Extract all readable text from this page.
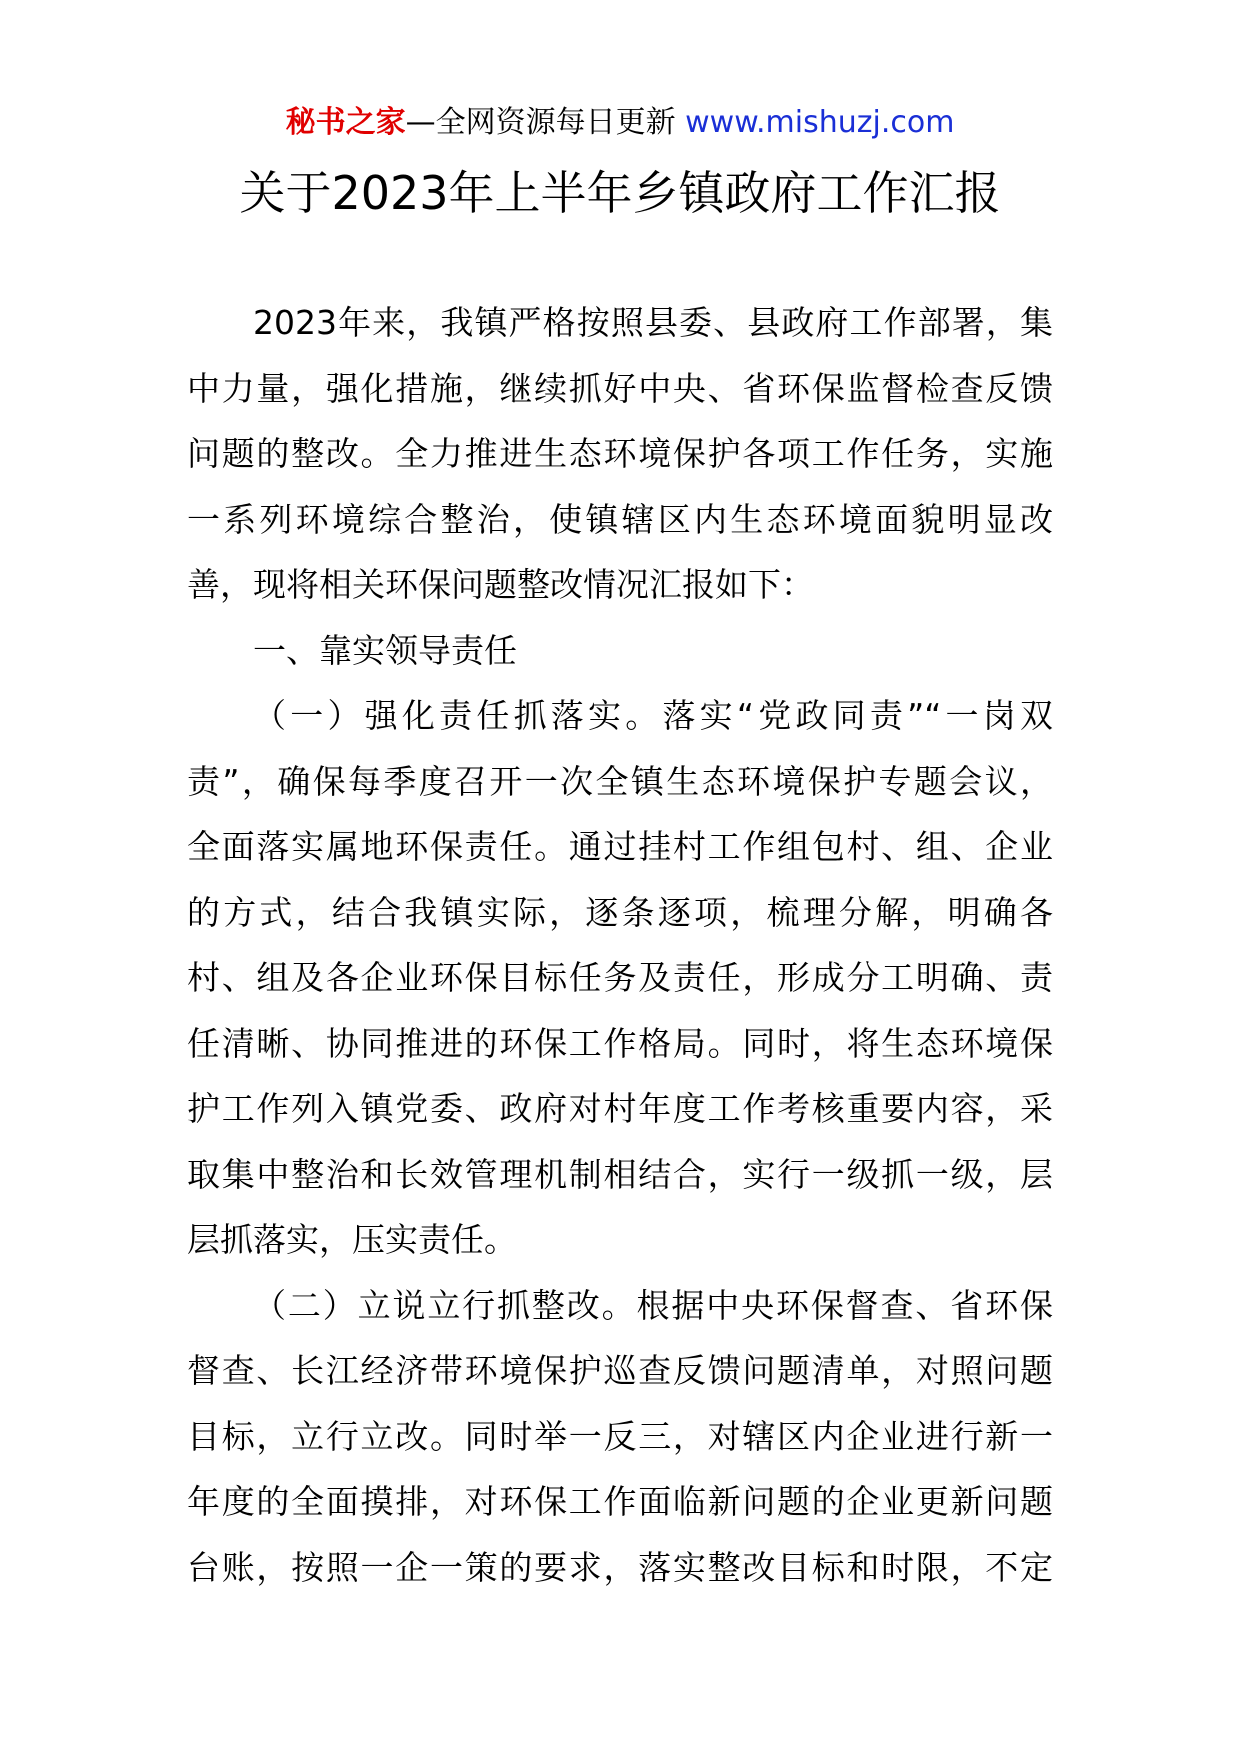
秘书之家—全网资源每日更新 www.mishuzj.com
关于2023年上半年乡镇政府工作汇报
2023年来，我镇严格按照县委、县政府工作部署，集
中力量，强化措施，继续抓好中央、省环保监督检查反馈
问题的整改。全力推进生态环境保护各项工作任务，实施
一系列环境综合整治，使镇辖区内生态环境面貌明显改
善，现将相关环保问题整改情况汇报如下：
一、靠实领导责任
（一）强化责任抓落实。落实“党政同责”“一岗双
责”，确保每季度召开一次全镇生态环境保护专题会议，
全面落实属地环保责任。通过挂村工作组包村、组、企业
的方式，结合我镇实际，逐条逐项，梳理分解，明确各
村、组及各企业环保目标任务及责任，形成分工明确、责
任清晰、协同推进的环保工作格局。同时，将生态环境保
护工作列入镇党委、政府对村年度工作考核重要内容，采
取集中整治和长效管理机制相结合，实行一级抓一级，层
层抓落实，压实责任。
（二）立说立行抓整改。根据中央环保督查、省环保
督查、长江经济带环境保护巡查反馈问题清单，对照问题
目标，立行立改。同时举一反三，对辖区内企业进行新一
年度的全面摸排，对环保工作面临新问题的企业更新问题
台账，按照一企一策的要求，落实整改目标和时限，不定
